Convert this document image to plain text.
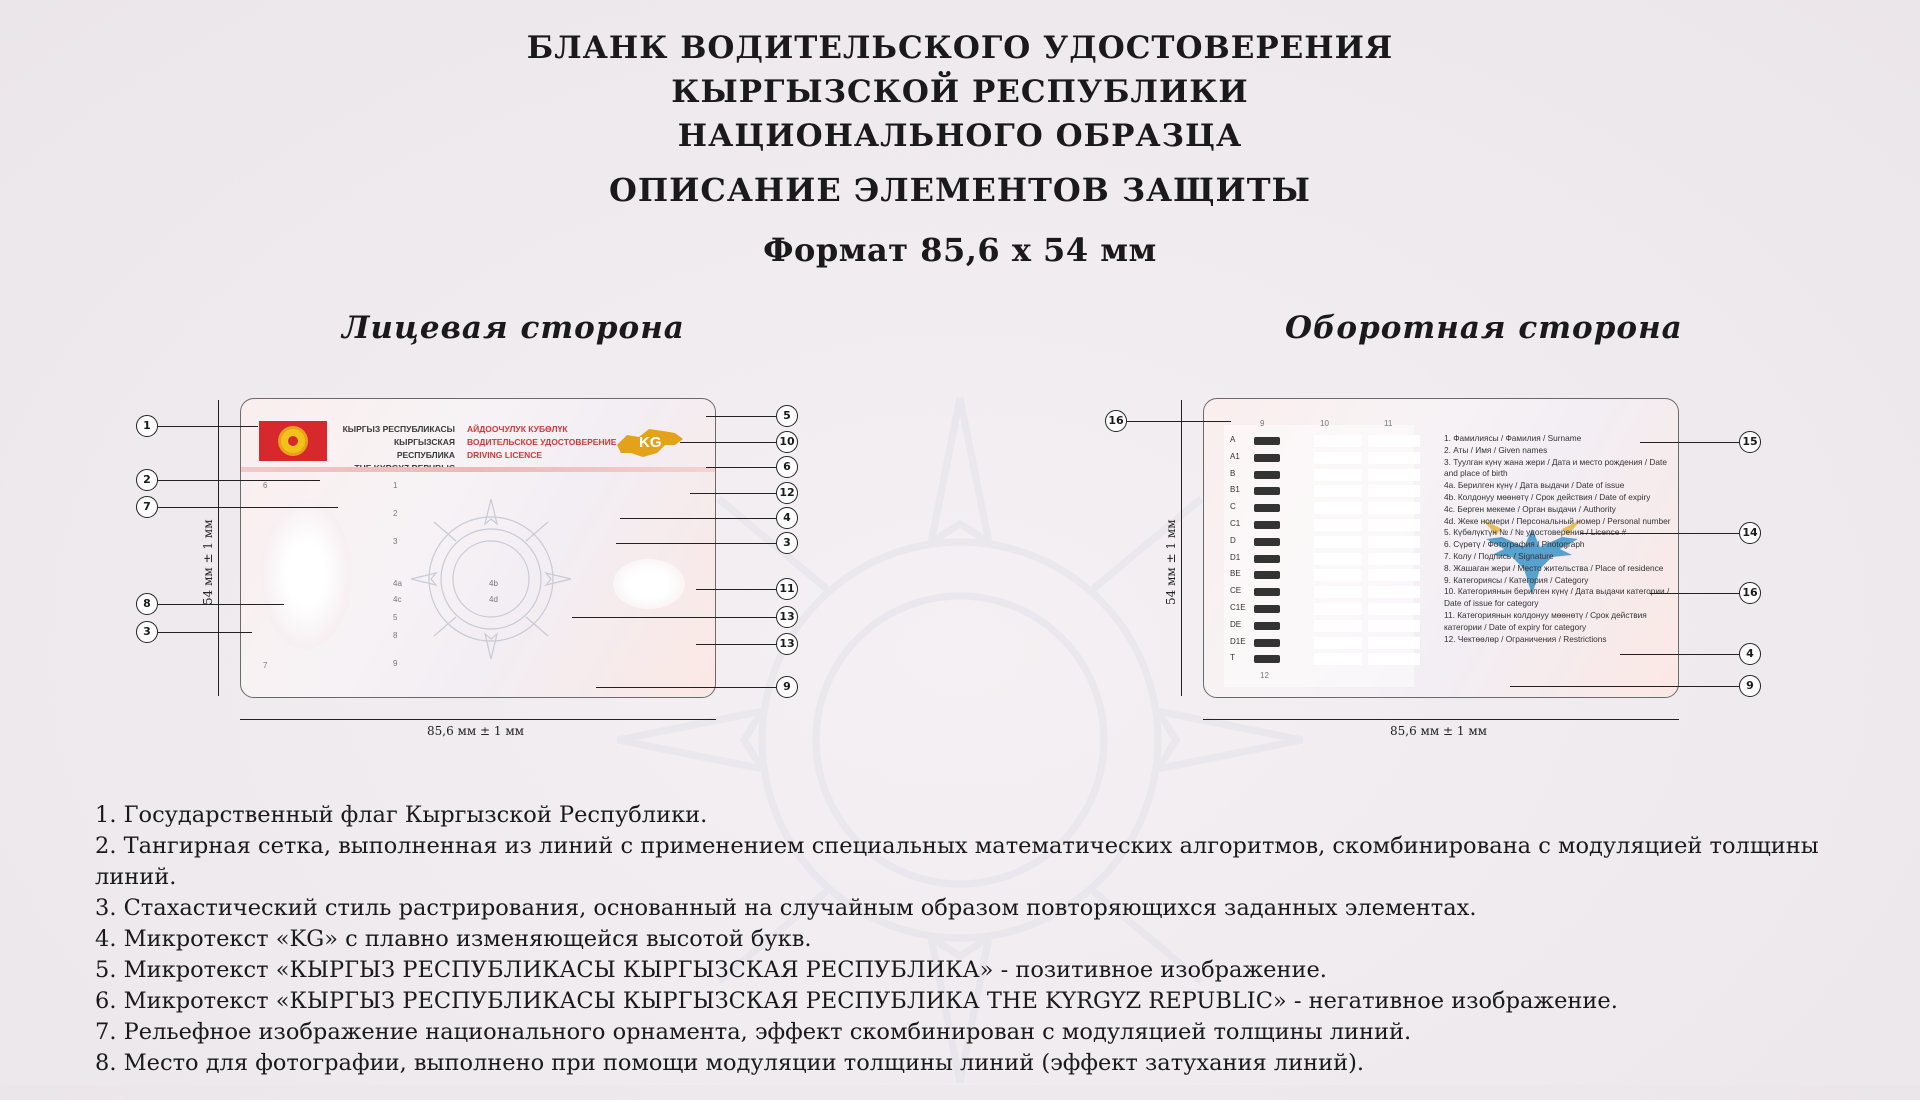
БЛАНК ВОДИТЕЛЬСКОГО УДОСТОВЕРЕНИЯ
КЫРГЫЗСКОЙ РЕСПУБЛИКИ
НАЦИОНАЛЬНОГО ОБРАЗЦА
ОПИСАНИЕ ЭЛЕМЕНТОВ ЗАЩИТЫ
Формат 85,6 х 54 мм
Лицевая сторона	Оборотная сторона
КЫРГЫЗ РЕСПУБЛИКАСЫ
КЫРГЫЗСКАЯ РЕСПУБЛИКА
АЙДООЧУЛУК КУБӨЛҮК
ВОДИТЕЛЬСКОЕ УДОСТОВЕРЕНИЕ
DRIVING LICENCE
KG
6	1
2
3
4a
4c
5
8
9
4b
4d
7
54 мм ± 1 мм
85,6 мм ± 1 мм
1
2
7
8
3
5
10
6
12
4
3
11
13
13
9
9	10	11
A
A1
B
B1
C
C1
D
D1
BE
CE
C1E
DE
D1E
T
12
1. Фамилиясы / Фамилия / Surname
2. Аты / Имя / Given names
3. Туулган күнү жана жери / Дата и место рождения / Date and place of birth
4a. Берилген күнү / Дата выдачи / Date of issue
4b. Колдонуу мөөнөтү / Срок действия / Date of expiry
4c. Берген мекеме / Орган выдачи / Authority
4d. Жеке номери / Персональный номер / Personal number
5. Күбөлүктүн № / № удостоверения / Licence #
6. Сүрөтү / Фотография / Photograph
7. Колу / Подпись / Signature
8. Жашаган жери / Место жительства / Place of residence
9. Категориясы / Категория / Category
10. Категориянын берилген күнү / Дата выдачи категории / Date of issue for category
11. Категориянын колдонуу мөөнөтү / Срок действия категории / Date of expiry for category
12. Чектөөлөр / Ограничения / Restrictions
54 мм ± 1 мм
85,6 мм ± 1 мм
16
15
14
16
4
9

1. Государственный флаг Кыргызской Республики.

2. Тангирная сетка, выполненная из линий с применением специальных математических алгоритмов, скомбинирована с модуляцией толщины линий.

3. Стахастический стиль растрирования, основанный на случайным образом повторяющихся заданных элементах.

4. Микротекст «KG» с плавно изменяющейся высотой букв.

5. Микротекст «КЫРГЫЗ РЕСПУБЛИКАСЫ КЫРГЫЗСКАЯ РЕСПУБЛИКА» - позитивное изображение.

6. Микротекст «КЫРГЫЗ РЕСПУБЛИКАСЫ КЫРГЫЗСКАЯ РЕСПУБЛИКА THE KYRGYZ REPUBLIC» - негативное изображение.

7. Рельефное изображение национального орнамента, эффект скомбинирован с модуляцией толщины линий.

8. Место для фотографии, выполнено при помощи модуляции толщины линий (эффект затухания линий).
